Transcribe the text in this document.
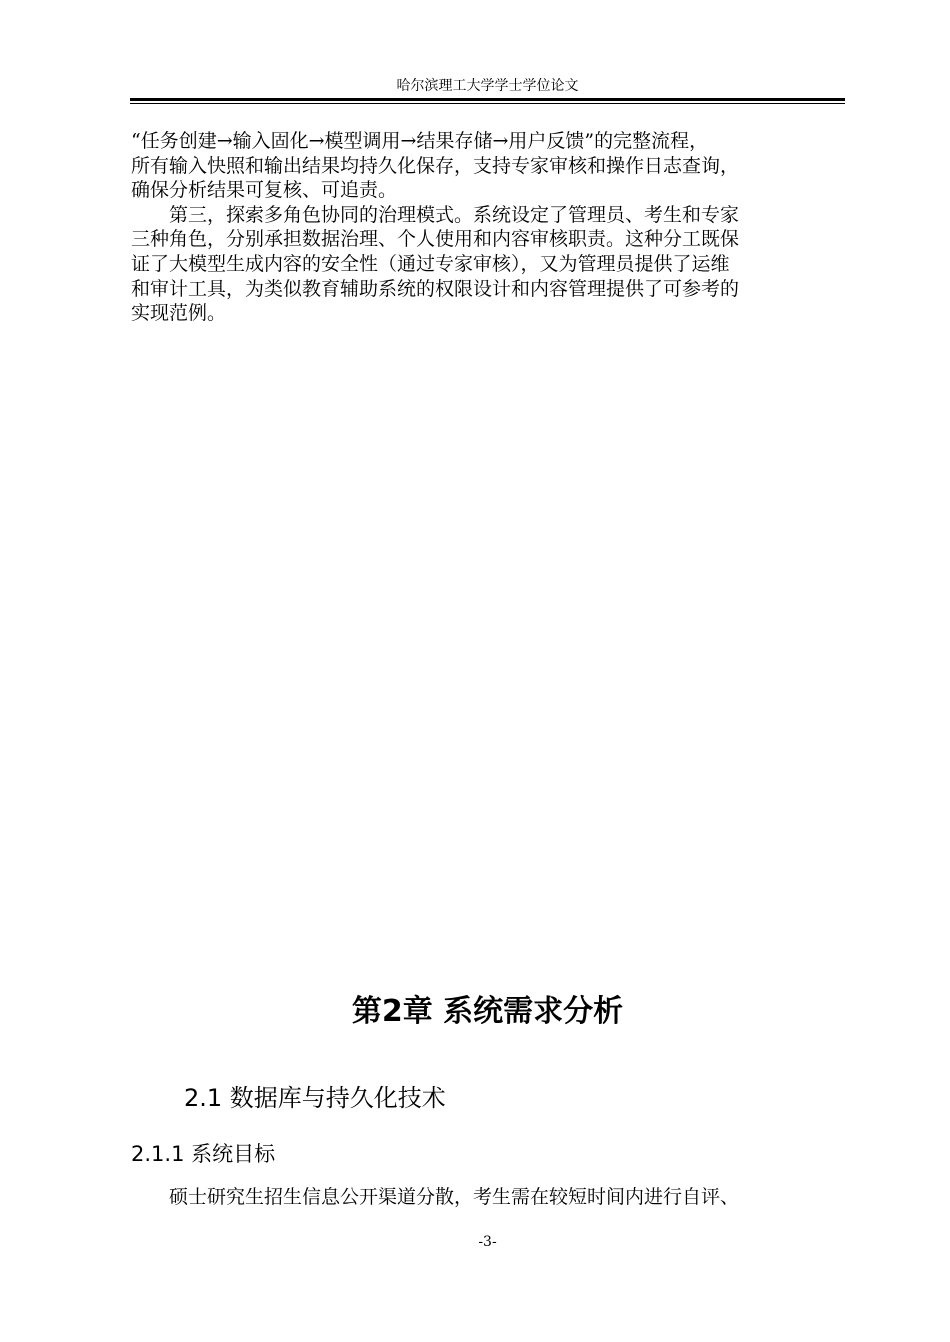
哈尔滨理工大学学士学位论文

“任务创建→输入固化→模型调用→结果存储→用户反馈”的完整流程，
所有输入快照和输出结果均持久化保存，支持专家审核和操作日志查询，
确保分析结果可复核、可追责。

第三，探索多角色协同的治理模式。系统设定了管理员、考生和专家
三种角色，分别承担数据治理、个人使用和内容审核职责。这种分工既保
证了大模型生成内容的安全性（通过专家审核），又为管理员提供了运维
和审计工具，为类似教育辅助系统的权限设计和内容管理提供了可参考的
实现范例。

第2章 系统需求分析
2.1 数据库与持久化技术
2.1.1 系统目标
硕士研究生招生信息公开渠道分散，考生需在较短时间内进行自评、
-3-
